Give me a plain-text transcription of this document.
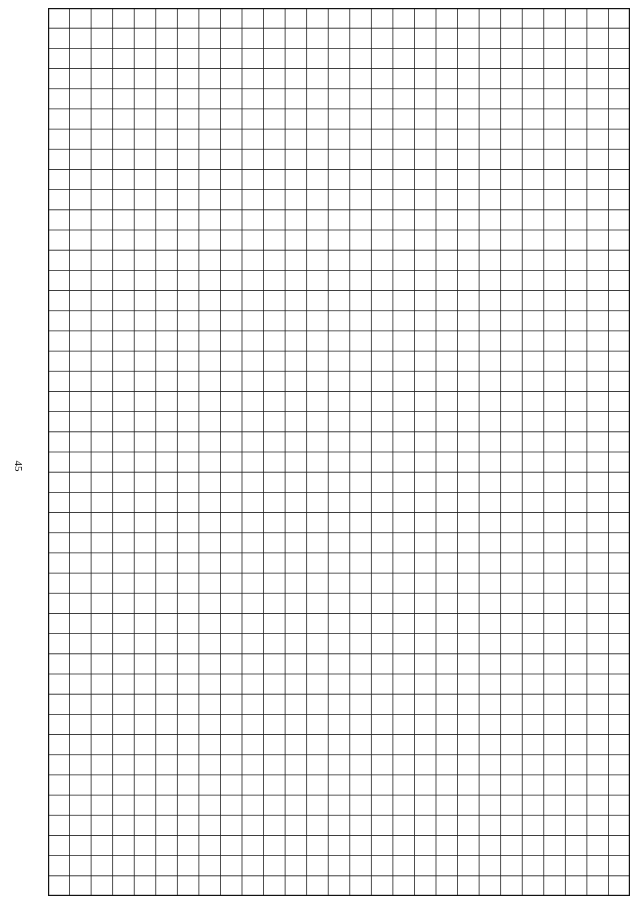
45
